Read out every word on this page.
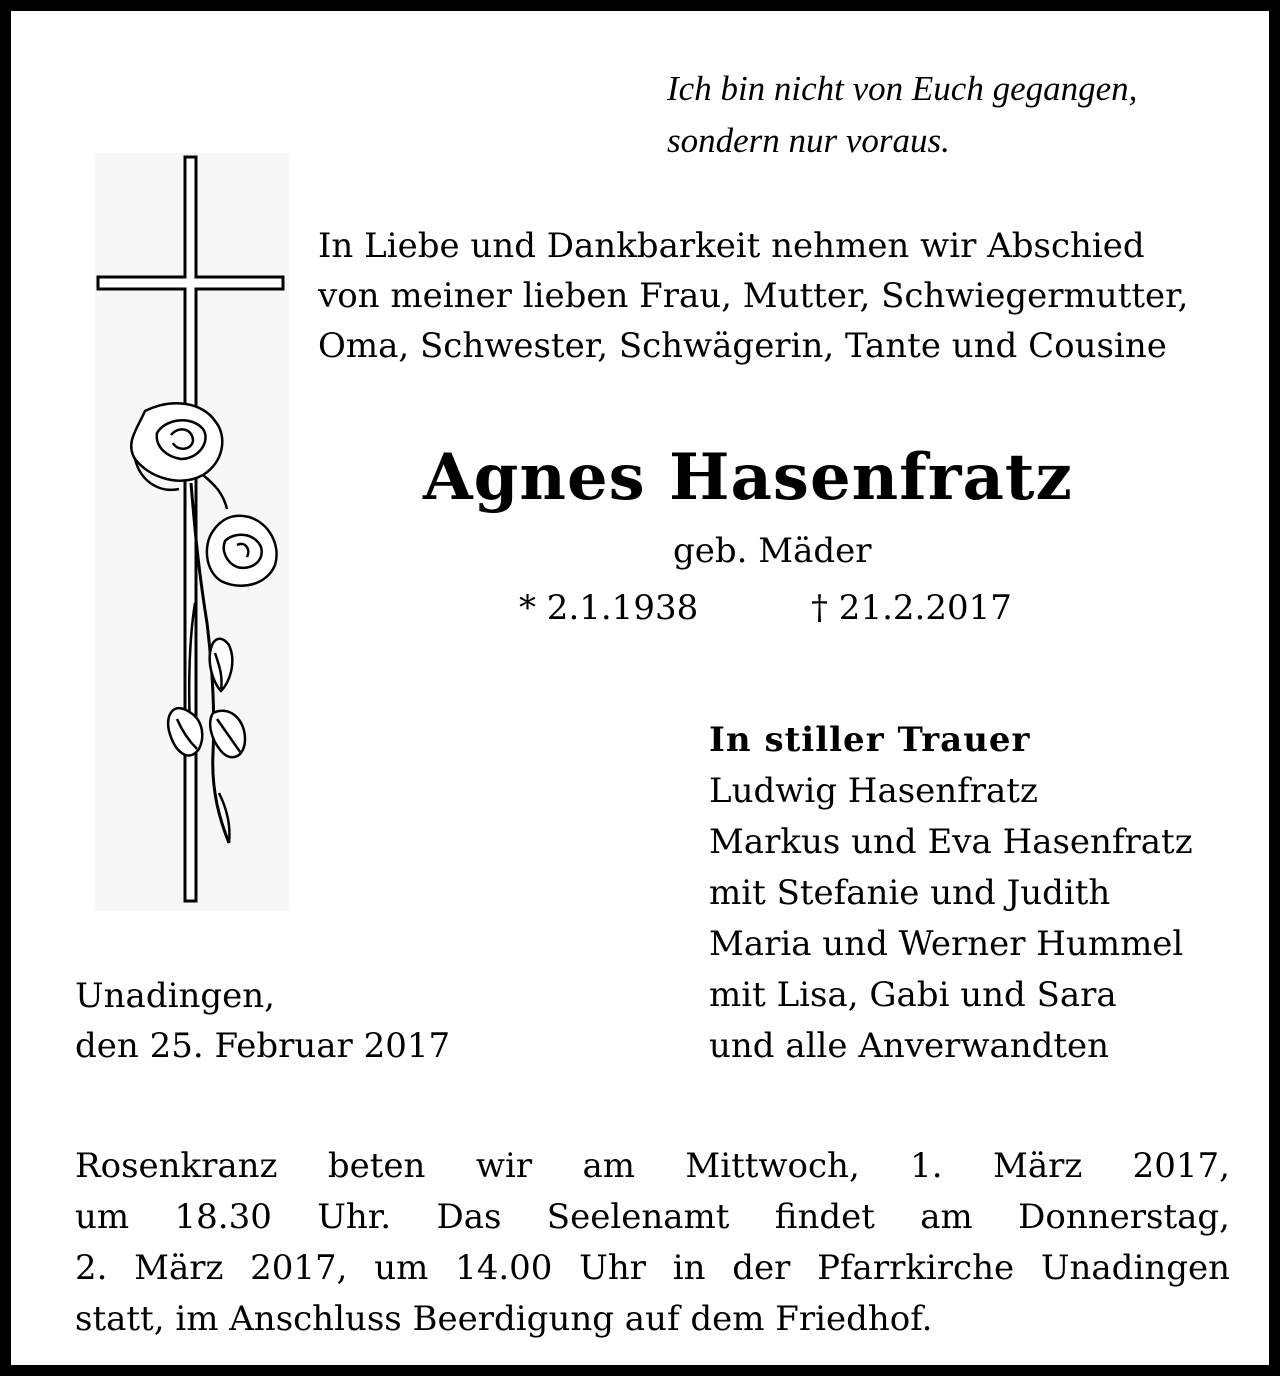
Ich bin nicht von Euch gegangen,
sondern nur voraus.
In Liebe und Dankbarkeit nehmen wir Abschied
von meiner lieben Frau, Mutter, Schwiegermutter,
Oma, Schwester, Schwägerin, Tante und Cousine
Agnes Hasenfratz
geb. Mäder
* 2.1.1938	† 21.2.2017
In stiller Trauer
Ludwig Hasenfratz
Markus und Eva Hasenfratz
mit Stefanie und Judith
Maria und Werner Hummel
mit Lisa, Gabi und Sara
und alle Anverwandten
Unadingen,
den 25. Februar 2017
Rosenkranz beten wir am Mittwoch, 1. März 2017,
um 18.30 Uhr. Das Seelenamt findet am Donnerstag,
2. März 2017, um 14.00 Uhr in der Pfarrkirche Unadingen
statt, im Anschluss Beerdigung auf dem Friedhof.
